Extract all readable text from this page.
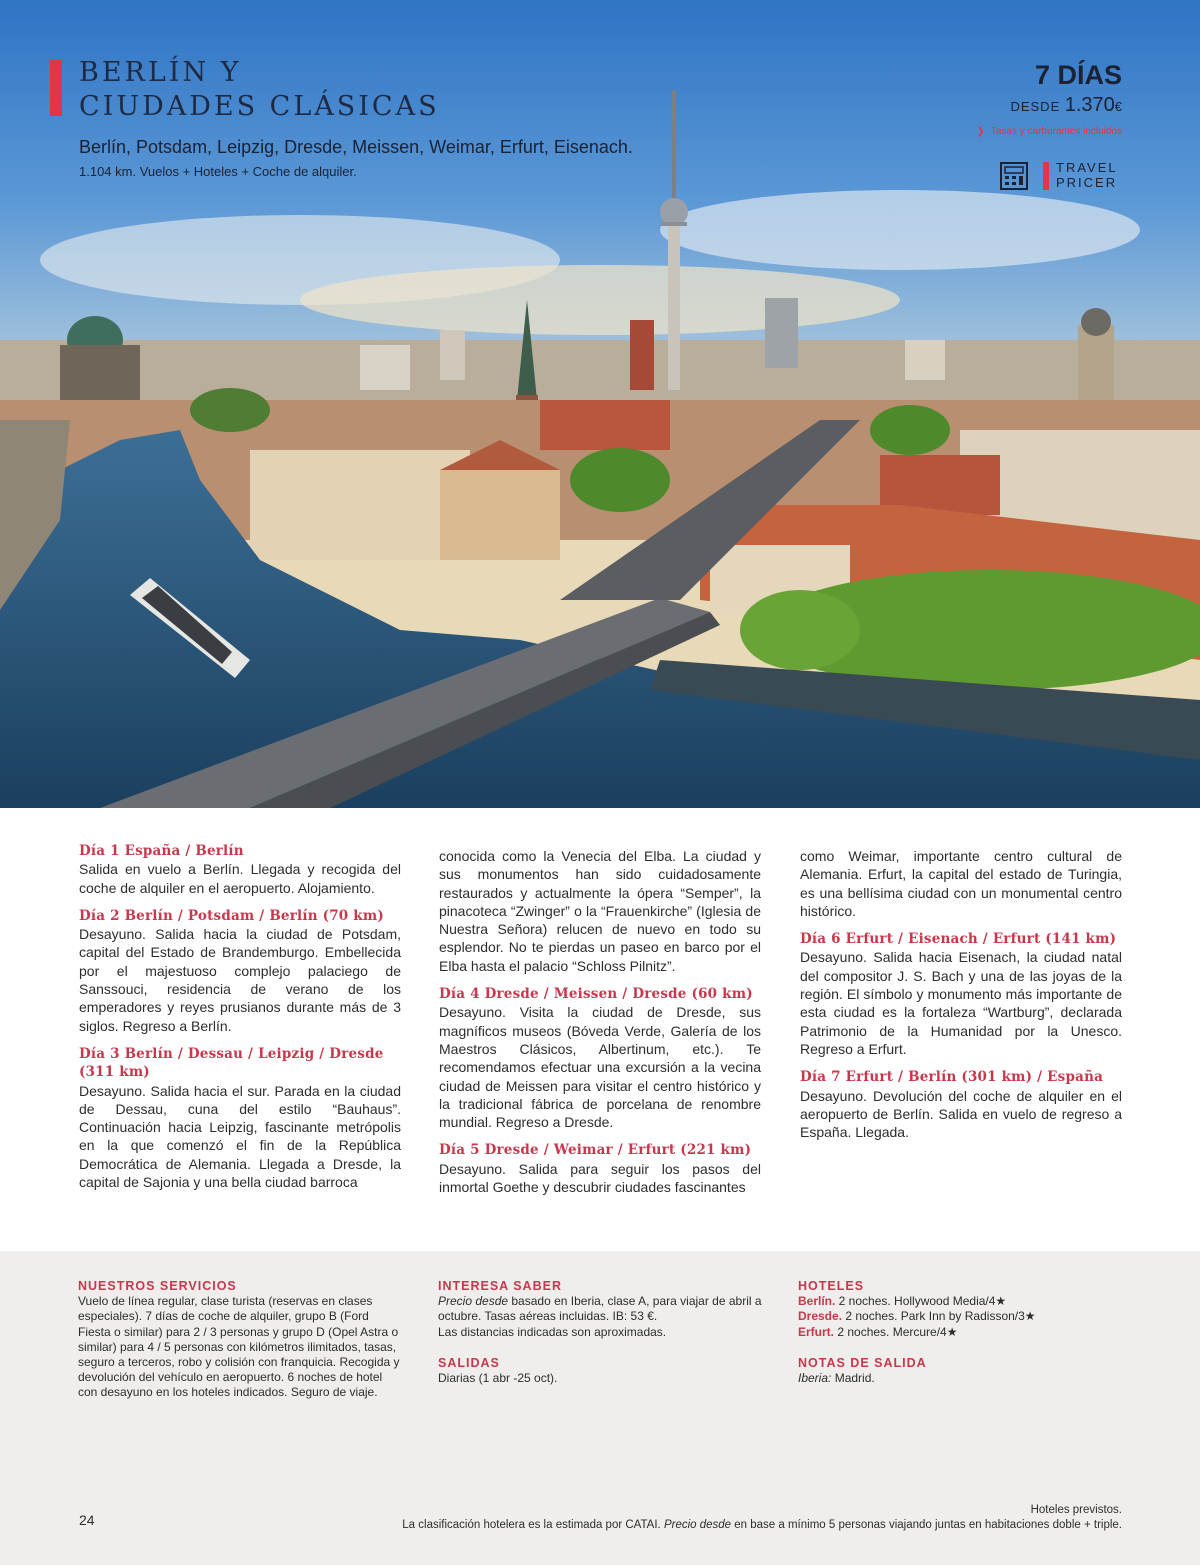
BERLÍN Y
CIUDADES CLÁSICAS
Berlín, Potsdam, Leipzig, Dresde, Meissen, Weimar, Erfurt, Eisenach.
1.104 km. Vuelos + Hoteles + Coche de alquiler.
7 DÍAS
DESDE 1.370€
❯ Tasas y carburantes incluidos
TRAVEL
PRICER
Día 1 España / Berlín
Salida en vuelo a Berlín. Llegada y recogida del coche de alquiler en el aeropuerto. Alojamiento.
Día 2 Berlín / Potsdam / Berlín (70 km)
Desayuno. Salida hacia la ciudad de Potsdam, capital del Estado de Brandemburgo. Embellecida por el majestuoso complejo palaciego de Sanssouci, residencia de verano de los emperadores y reyes prusianos durante más de 3 siglos. Regreso a Berlín.
Día 3 Berlín / Dessau / Leipzig / Dresde (311 km)
Desayuno. Salida hacia el sur. Parada en la ciudad de Dessau, cuna del estilo “Bauhaus”. Continuación hacia Leipzig, fascinante metrópolis en la que comenzó el fin de la República Democrática de Alemania. Llegada a Dresde, la capital de Sajonia y una bella ciudad barroca
conocida como la Venecia del Elba. La ciudad y sus monumentos han sido cuidadosamente restaurados y actualmente la ópera “Semper”, la pinacoteca “Zwinger” o la “Frauenkirche” (Iglesia de Nuestra Señora) relucen de nuevo en todo su esplendor. No te pierdas un paseo en barco por el Elba hasta el palacio “Schloss Pilnitz”.
Día 4 Dresde / Meissen / Dresde (60 km)
Desayuno. Visita la ciudad de Dresde, sus magníficos museos (Bóveda Verde, Galería de los Maestros Clásicos, Albertinum, etc.). Te recomendamos efectuar una excursión a la vecina ciudad de Meissen para visitar el centro histórico y la tradicional fábrica de porcelana de renombre mundial. Regreso a Dresde.
Día 5 Dresde / Weimar / Erfurt (221 km)
Desayuno. Salida para seguir los pasos del inmortal Goethe y descubrir ciudades fascinantes
como Weimar, importante centro cultural de Alemania. Erfurt, la capital del estado de Turingia, es una bellísima ciudad con un monumental centro histórico.
Día 6 Erfurt / Eisenach / Erfurt (141 km)
Desayuno. Salida hacia Eisenach, la ciudad natal del compositor J. S. Bach y una de las joyas de la región. El símbolo y monumento más importante de esta ciudad es la fortaleza “Wartburg”, declarada Patrimonio de la Humanidad por la Unesco. Regreso a Erfurt.
Día 7 Erfurt / Berlín (301 km) / España
Desayuno. Devolución del coche de alquiler en el aeropuerto de Berlín. Salida en vuelo de regreso a España. Llegada.
NUESTROS SERVICIOS
Vuelo de línea regular, clase turista (reservas en clases especiales). 7 días de coche de alquiler, grupo B (Ford Fiesta o similar) para 2 / 3 personas y grupo D (Opel Astra o similar) para 4 / 5 personas con kilómetros ilimitados, tasas, seguro a terceros, robo y colisión con franquicia. Recogida y devolución del vehículo en aeropuerto. 6 noches de hotel con desayuno en los hoteles indicados. Seguro de viaje.
INTERESA SABER
Precio desde basado en Iberia, clase A, para viajar de abril a octubre. Tasas aéreas incluidas. IB: 53 €.
Las distancias indicadas son aproximadas.
SALIDAS
Diarias (1 abr -25 oct).
HOTELES
Berlín. 2 noches. Hollywood Media/4★
Dresde. 2 noches. Park Inn by Radisson/3★
Erfurt. 2 noches. Mercure/4★
NOTAS DE SALIDA
Iberia: Madrid.
24
Hoteles previstos.
La clasificación hotelera es la estimada por CATAI. Precio desde en base a mínimo 5 personas viajando juntas en habitaciones doble + triple.
